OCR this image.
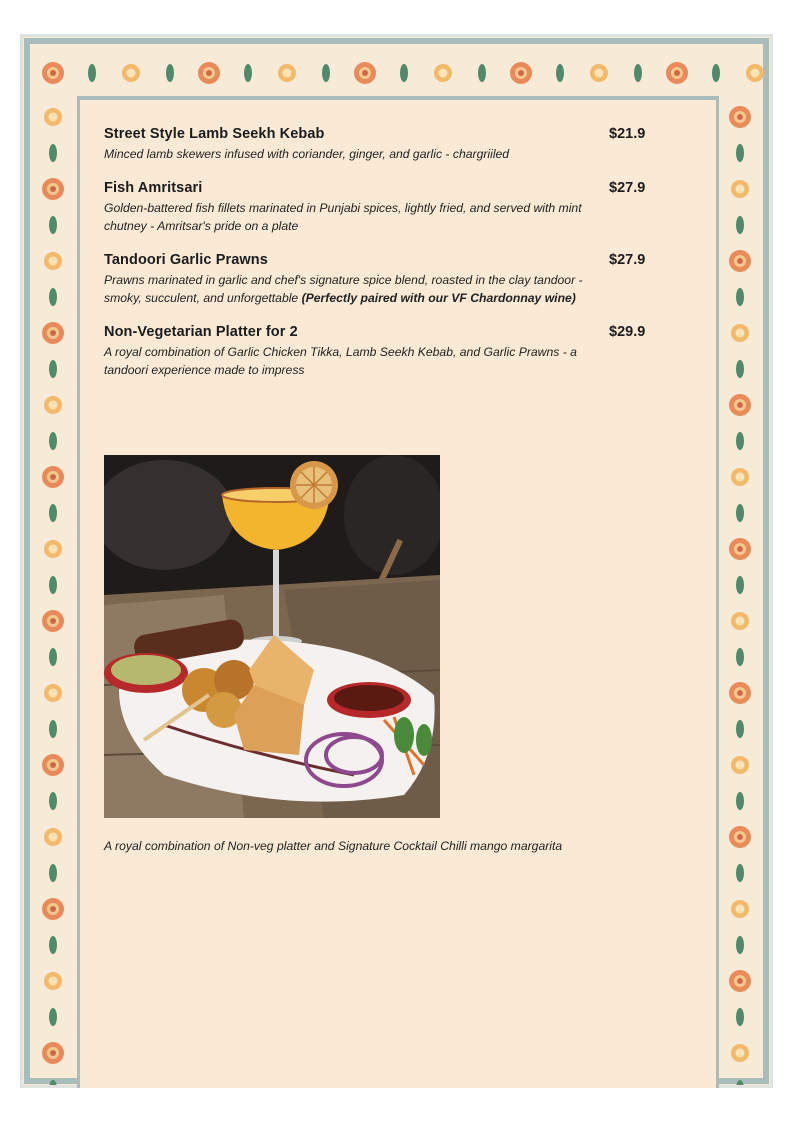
Street Style Lamb Seekh Kebab	$21.9
Minced lamb skewers infused with coriander, ginger, and garlic - chargriiled
Fish Amritsari	$27.9
Golden-battered fish fillets marinated in Punjabi spices, lightly fried, and served with mint chutney - Amritsar's pride on a plate
Tandoori Garlic Prawns	$27.9
Prawns marinated in garlic and chef's signature spice blend, roasted in the clay tandoor - smoky, succulent, and unforgettable (Perfectly paired with our VF Chardonnay wine)
Non-Vegetarian Platter for 2	$29.9
A royal combination of Garlic Chicken Tikka, Lamb Seekh Kebab, and Garlic Prawns - a tandoori experience made to impress
A royal combination of Non-veg platter and Signature Cocktail Chilli mango margarita
